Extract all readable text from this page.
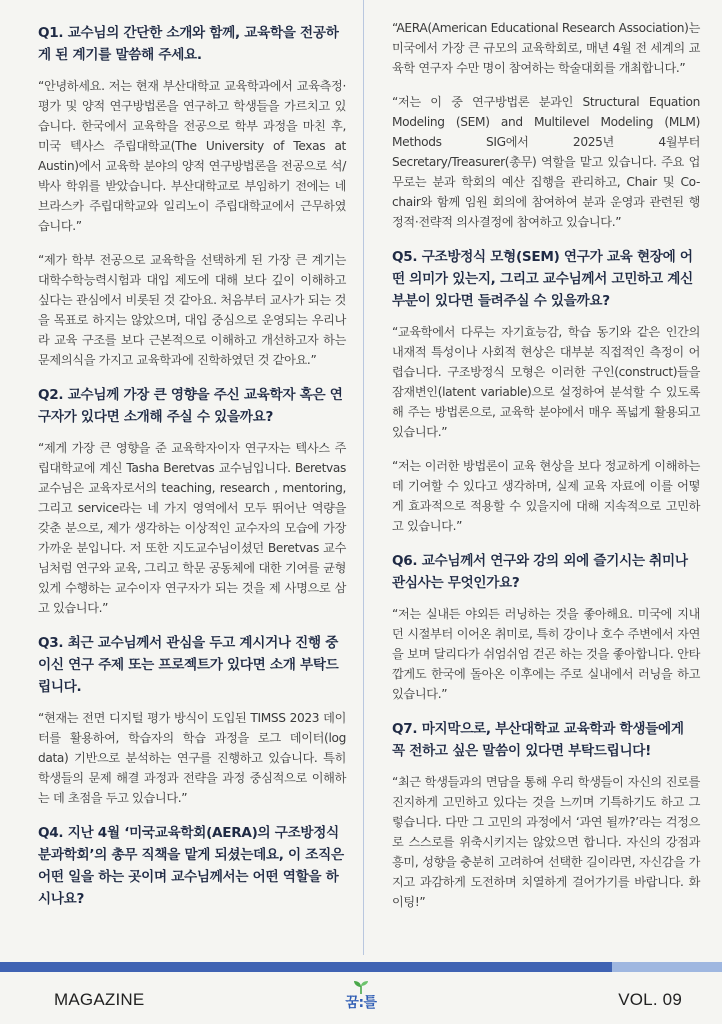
Q1. 교수님의 간단한 소개와 함께, 교육학을 전공하게 된 계기를 말씀해 주세요.

“안녕하세요. 저는 현재 부산대학교 교육학과에서 교육측정·평가 및 양적 연구방법론을 연구하고 학생들을 가르치고 있습니다. 한국에서 교육학을 전공으로 학부 과정을 마친 후, 미국 텍사스 주립대학교(The University of Texas at Austin)에서 교육학 분야의 양적 연구방법론을 전공으로 석/박사 학위를 받았습니다. 부산대학교로 부임하기 전에는 네브라스카 주립대학교와 일리노이 주립대학교에서 근무하였습니다.”

“제가 학부 전공으로 교육학을 선택하게 된 가장 큰 계기는 대학수학능력시험과 대입 제도에 대해 보다 깊이 이해하고 싶다는 관심에서 비롯된 것 같아요. 처음부터 교사가 되는 것을 목표로 하지는 않았으며, 대입 중심으로 운영되는 우리나라 교육 구조를 보다 근본적으로 이해하고 개선하고자 하는 문제의식을 가지고 교육학과에 진학하였던 것 같아요.”

Q2. 교수님께 가장 큰 영향을 주신 교육학자 혹은 연구자가 있다면 소개해 주실 수 있을까요?

“제게 가장 큰 영향을 준 교육학자이자 연구자는 텍사스 주립대학교에 계신 Tasha Beretvas 교수님입니다. Beretvas 교수님은 교육자로서의 teaching, research , mentoring, 그리고 service라는 네 가지 영역에서 모두 뛰어난 역량을 갖춘 분으로, 제가 생각하는 이상적인 교수자의 모습에 가장 가까운 분입니다. 저 또한 지도교수님이셨던 Beretvas 교수님처럼 연구와 교육, 그리고 학문 공동체에 대한 기여를 균형 있게 수행하는 교수이자 연구자가 되는 것을 제 사명으로 삼고 있습니다.”

Q3. 최근 교수님께서 관심을 두고 계시거나 진행 중이신 연구 주제 또는 프로젝트가 있다면 소개 부탁드립니다.

“현재는 전면 디지털 평가 방식이 도입된 TIMSS 2023 데이터를 활용하여, 학습자의 학습 과정을 로그 데이터(log data) 기반으로 분석하는 연구를 진행하고 있습니다. 특히 학생들의 문제 해결 과정과 전략을 과정 중심적으로 이해하는 데 초점을 두고 있습니다.”

Q4. 지난 4월 ‘미국교육학회(AERA)의 구조방정식 분과학회’의 총무 직책을 맡게 되셨는데요, 이 조직은 어떤 일을 하는 곳이며 교수님께서는 어떤 역할을 하시나요?

“AERA(American Educational Research Association)는 미국에서 가장 큰 규모의 교육학회로, 매년 4월 전 세계의 교육학 연구자 수만 명이 참여하는 학술대회를 개최합니다.”

“저는 이 중 연구방법론 분과인 Structural Equation Modeling (SEM) and Multilevel Modeling (MLM) Methods SIG에서 2025년 4월부터 Secretary/Treasurer(총무) 역할을 맡고 있습니다. 주요 업무로는 분과 학회의 예산 집행을 관리하고, Chair 및 Co-chair와 함께 임원 회의에 참여하여 분과 운영과 관련된 행정적·전략적 의사결정에 참여하고 있습니다.”

Q5. 구조방정식 모형(SEM) 연구가 교육 현장에 어떤 의미가 있는지, 그리고 교수님께서 고민하고 계신 부분이 있다면 들려주실 수 있을까요?

“교육학에서 다루는 자기효능감, 학습 동기와 같은 인간의 내재적 특성이나 사회적 현상은 대부분 직접적인 측정이 어렵습니다. 구조방정식 모형은 이러한 구인(construct)들을 잠재변인(latent variable)으로 설정하여 분석할 수 있도록 해 주는 방법론으로, 교육학 분야에서 매우 폭넓게 활용되고 있습니다.”

“저는 이러한 방법론이 교육 현상을 보다 정교하게 이해하는 데 기여할 수 있다고 생각하며, 실제 교육 자료에 이를 어떻게 효과적으로 적용할 수 있을지에 대해 지속적으로 고민하고 있습니다.”

Q6. 교수님께서 연구와 강의 외에 즐기시는 취미나 관심사는 무엇인가요?

“저는 실내든 야외든 러닝하는 것을 좋아해요. 미국에 지내던 시절부터 이어온 취미로, 특히 강이나 호수 주변에서 자연을 보며 달리다가 쉬엄쉬엄 걷곤 하는 것을 좋아합니다. 안타깝게도 한국에 돌아온 이후에는 주로 실내에서 러닝을 하고 있습니다.”

Q7. 마지막으로, 부산대학교 교육학과 학생들에게 꼭 전하고 싶은 말씀이 있다면 부탁드립니다!

“최근 학생들과의 면담을 통해 우리 학생들이 자신의 진로를 진지하게 고민하고 있다는 것을 느끼며 기특하기도 하고 그렇습니다. 다만 그 고민의 과정에서 ‘과연 될까?’라는 걱정으로 스스로를 위축시키지는 않았으면 합니다. 자신의 강점과 흥미, 성향을 충분히 고려하여 선택한 길이라면, 자신감을 가지고 과감하게 도전하며 치열하게 걸어가기를 바랍니다. 화이팅!”

MAGAZINE	꿈:틀	VOL. 09
